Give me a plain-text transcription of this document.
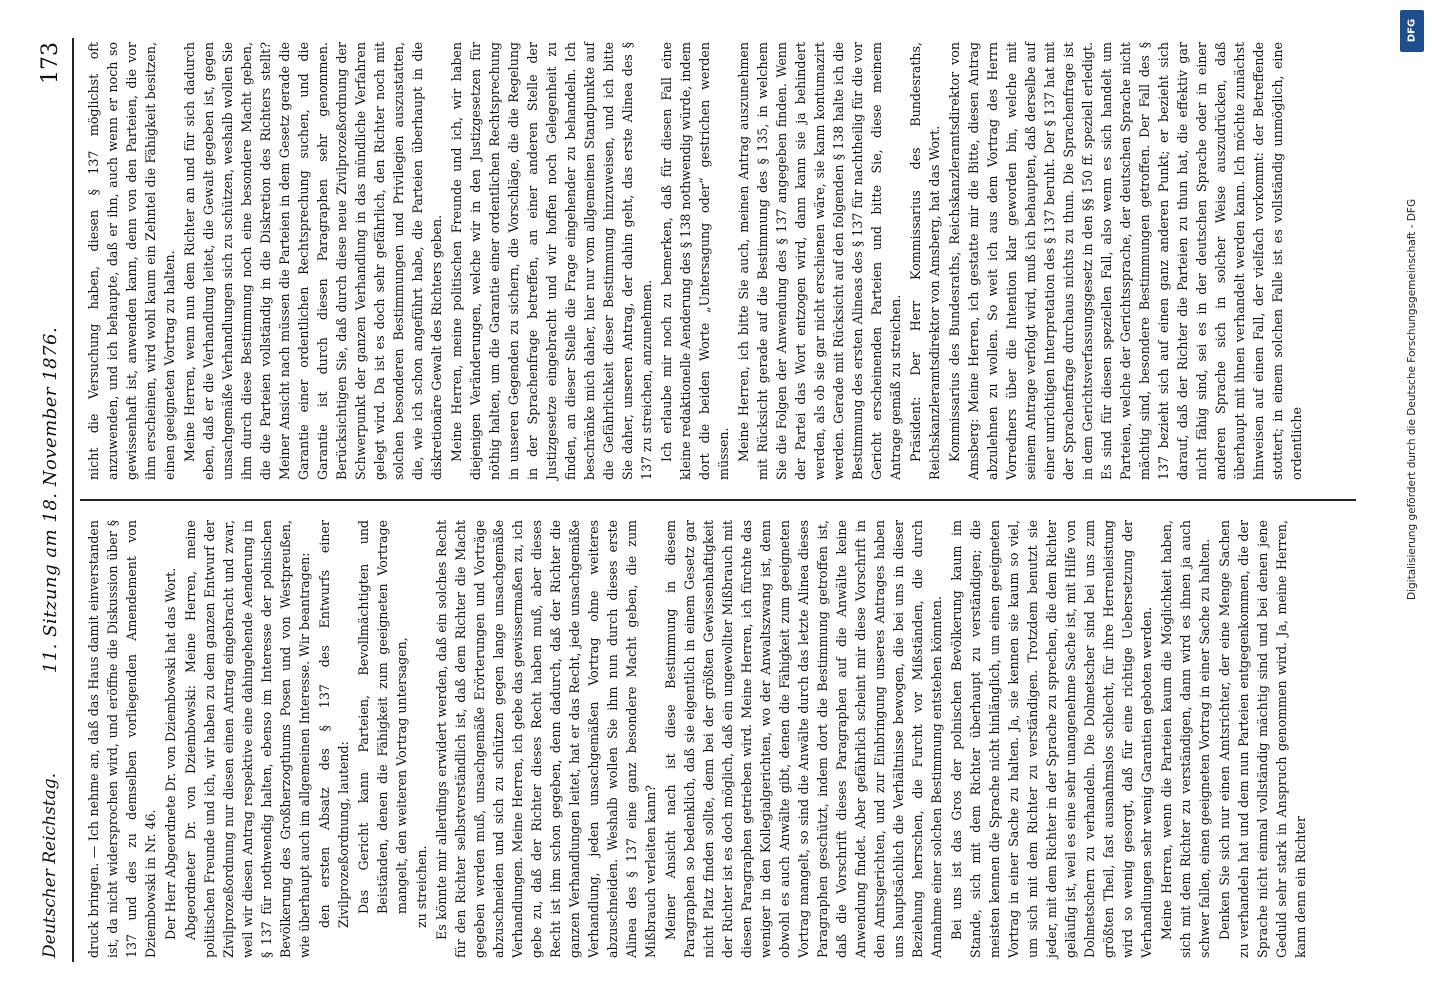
Deutscher Reichstag.
11. Sitzung am 18. November 1876.
173

druck bringen. — Ich nehme an, daß das Haus damit einverstanden ist, da nicht widersprochen wird, und eröffne die Diskussion über § 137 und des zu demselben vorliegenden Amendement von Dziembowski in Nr. 46. Der Herr Abgeordnete Dr. von Dziembowski hat das Wort. Abgeordneter Dr. von Dziembowski: Meine Herren, meine politischen Freunde und ich, wir haben zu dem ganzen Entwurf der Zivilprozeßordnung nur diesen einen Antrag eingebracht und zwar, weil wir diesen Antrag respektive eine dahingehende Aenderung in § 137 für nothwendig halten, ebenso im Interesse der polnischen Bevölkerung des Großherzogthums Posen und von Westpreußen, wie überhaupt auch im allgemeinen Interesse. Wir beantragen: den ersten Absatz des § 137 des Entwurfs einer Zivilprozeßordnung, lautend: Das Gericht kann Parteien, Bevollmächtigten und Beiständen, denen die Fähigkeit zum geeigneten Vortrage mangelt, den weiteren Vortrag untersagen, zu streichen. Es könnte mir allerdings erwidert werden, daß ein solches Recht für den Richter selbstverständlich ist, daß dem Richter die Macht gegeben werden muß, unsachgemäße Erörterungen und Vorträge abzuschneiden und sich zu schützen gegen lange unsachgemäße Verhandlungen. Meine Herren, ich gebe das gewissermaßen zu, ich gebe zu, daß der Richter dieses Recht haben muß, aber dieses Recht ist ihm schon gegeben, denn dadurch, daß der Richter die ganzen Verhandlungen leitet, hat er das Recht, jede unsachgemäße Verhandlung, jeden unsachgemäßen Vortrag ohne weiteres abzuschneiden. Weshalb wollen Sie ihm nun durch dieses erste Alinea des § 137 eine ganz besondere Macht geben, die zum Mißbrauch verleiten kann? Meiner Ansicht nach ist diese Bestimmung in diesem Paragraphen so bedenklich, daß sie eigentlich in einem Gesetz gar nicht Platz finden sollte, denn bei der größten Gewissenhaftigkeit der Richter ist es doch möglich, daß ein ungewollter Mißbrauch mit diesen Paragraphen getrieben wird. Meine Herren, ich fürchte das weniger in den Kollegialgerichten, wo der Anwaltszwang ist, denn obwohl es auch Anwälte gibt, denen die Fähigkeit zum geeigneten Vortrag mangelt, so sind die Anwälte durch das letzte Alinea dieses Paragraphen geschützt, indem dort die Bestimmung getroffen ist, daß die Vorschrift dieses Paragraphen auf die Anwälte keine Anwendung findet. Aber gefährlich scheint mir diese Vorschrift in den Amtsgerichten, und zur Einbringung unseres Antrages haben uns hauptsächlich die Verhältnisse bewogen, die bei uns in dieser Beziehung herrschen, die Furcht vor Mißständen, die durch Annahme einer solchen Bestimmung entstehen könnten. Bei uns ist das Gros der polnischen Bevölkerung kaum im Stande, sich mit dem Richter überhaupt zu verständigen; die meisten kennen die Sprache nicht hinlänglich, um einen geeigneten Vortrag in einer Sache zu halten. Ja, sie kennen sie kaum so viel, um sich mit dem Richter zu verständigen. Trotzdem benutzt sie jeder, mit dem Richter in der Sprache zu sprechen, die dem Richter geläufig ist, weil es eine sehr unangenehme Sache ist, mit Hilfe von Dolmetschern zu verhandeln. Die Dolmetscher sind bei uns zum größten Theil, fast ausnahmslos schlecht, für ihre Herrenleistung wird so wenig gesorgt, daß für eine richtige Uebersetzung der Verhandlungen sehr wenig Garantien geboten werden. Meine Herren, wenn die Parteien kaum die Möglichkeit haben, sich mit dem Richter zu verständigen, dann wird es ihnen ja auch schwer fallen, einen geeigneten Vortrag in einer Sache zu halten. Denken Sie sich nur einen Amtsrichter, der eine Menge Sachen zu verhandeln hat und dem nun Parteien entgegenkommen, die der Sprache nicht einmal vollständig mächtig sind und bei denen jene Geduld sehr stark in Anspruch genommen wird. Ja, meine Herren, kann denn ein Richter

nicht die Versuchung haben, diesen § 137 möglichst oft anzuwenden, und ich behaupte, daß er ihn, auch wenn er noch so gewissenhaft ist, anwenden kann, denn von den Parteien, die vor ihm erscheinen, wird wohl kaum ein Zehntel die Fähigkeit besitzen, einen geeigneten Vortrag zu halten. Meine Herren, wenn nun dem Richter an und für sich dadurch eben, daß er die Verhandlung leitet, die Gewalt gegeben ist, gegen unsachgemäße Verhandlungen sich zu schützen, weshalb wollen Sie ihm durch diese Bestimmung noch eine besondere Macht geben, die die Parteien vollständig in die Diskretion des Richters stellt? Meiner Ansicht nach müssen die Parteien in dem Gesetz gerade die Garantie einer ordentlichen Rechtsprechung suchen, und die Garantie ist durch diesen Paragraphen sehr genommen. Berücksichtigen Sie, daß durch diese neue Zivilprozeßordnung der Schwerpunkt der ganzen Verhandlung in das mündliche Verfahren gelegt wird. Da ist es doch sehr gefährlich, den Richter noch mit solchen besonderen Bestimmungen und Privilegien auszustatten, die, wie ich schon angeführt habe, die Parteien überhaupt in die diskretionäre Gewalt des Richters geben. Meine Herren, meine politischen Freunde und ich, wir haben diejenigen Veränderungen, welche wir in den Justizgesetzen für nöthig halten, um die Garantie einer ordentlichen Rechtsprechung in unseren Gegenden zu sichern, die Vorschläge, die die Regelung in der Sprachenfrage betreffen, an einer anderen Stelle der Justizgesetze eingebracht und wir hoffen noch Gelegenheit zu finden, an dieser Stelle die Frage eingehender zu behandeln. Ich beschränke mich daher, hier nur vom allgemeinen Standpunkte auf die Gefährlichkeit dieser Bestimmung hinzuweisen, und ich bitte Sie daher, unseren Antrag, der dahin geht, das erste Alinea des § 137 zu streichen, anzunehmen. Ich erlaube mir noch zu bemerken, daß für diesen Fall eine kleine redaktionelle Aenderung des § 138 nothwendig würde, indem dort die beiden Worte „Untersagung oder“ gestrichen werden müssen. Meine Herren, ich bitte Sie auch, meinen Antrag auszunehmen mit Rücksicht gerade auf die Bestimmung des § 135, in welchem Sie die Folgen der Anwendung des § 137 angegeben finden. Wenn der Partei das Wort entzogen wird, dann kann sie ja behindert werden, als ob sie gar nicht erschienen wäre, sie kann kontumazirt werden. Gerade mit Rücksicht auf den folgenden § 138 halte ich die Bestimmung des ersten Alineas des § 137 für nachtheilig für die vor Gericht erscheinenden Parteien und bitte Sie, diese meinem Antrage gemäß zu streichen. Präsident: Der Herr Kommissarius des Bundesraths, Reichskanzleramtsdirektor von Amsberg, hat das Wort. Kommissarius des Bundesraths, Reichskanzleramtsdirektor von Amsberg: Meine Herren, ich gestatte mir die Bitte, diesen Antrag abzulehnen zu wollen. So weit ich aus dem Vortrag des Herrn Vorredners über die Intention klar geworden bin, welche mit seinem Antrage verfolgt wird, muß ich behaupten, daß derselbe auf einer unrichtigen Interpretation des § 137 beruht. Der § 137 hat mit der Sprachenfrage durchaus nichts zu thun. Die Sprachenfrage ist in dem Gerichtsverfassungsgesetz in den §§ 150 ff. speziell erledigt. Es sind für diesen speziellen Fall, also wenn es sich handelt um Parteien, welche der Gerichtssprache, der deutschen Sprache nicht mächtig sind, besondere Bestimmungen getroffen. Der Fall des § 137 bezieht sich auf einen ganz anderen Punkt; er bezieht sich darauf, daß der Richter die Parteien zu thun hat, die effektiv gar nicht fähig sind, sei es in der deutschen Sprache oder in einer anderen Sprache sich in solcher Weise auszudrücken, daß überhaupt mit ihnen verhandelt werden kann. Ich möchte zunächst hinweisen auf einen Fall, der vielfach vorkommt: der Betreffende stottert; in einem solchen Falle ist es vollständig unmöglich, eine ordentliche

DFG
Digitalisierung gefördert durch die Deutsche Forschungsgemeinschaft - DFG
